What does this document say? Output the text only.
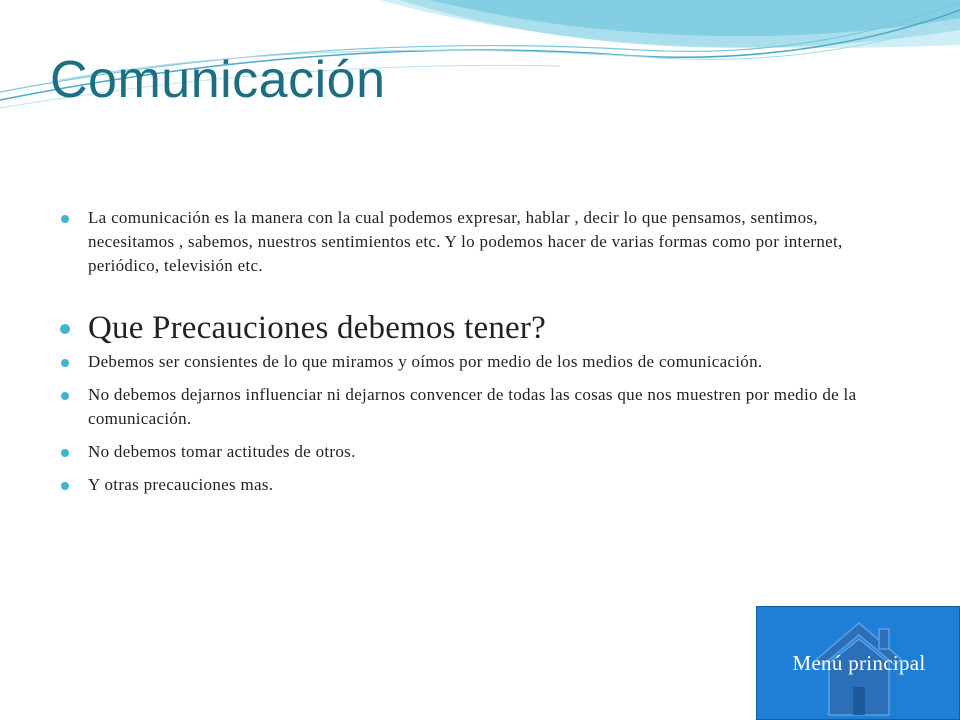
Comunicación
La comunicación es la manera con la cual podemos expresar, hablar , decir lo que pensamos, sentimos, necesitamos , sabemos, nuestros sentimientos etc. Y lo podemos hacer de varias formas como por internet, periódico, televisión etc.
Que Precauciones debemos tener?
Debemos ser consientes de lo que miramos y oímos por medio de los medios de comunicación.
No debemos dejarnos influenciar ni dejarnos convencer de todas las cosas que nos muestren por medio de la comunicación.
No debemos tomar actitudes de otros.
Y otras precauciones mas.
Menú principal
